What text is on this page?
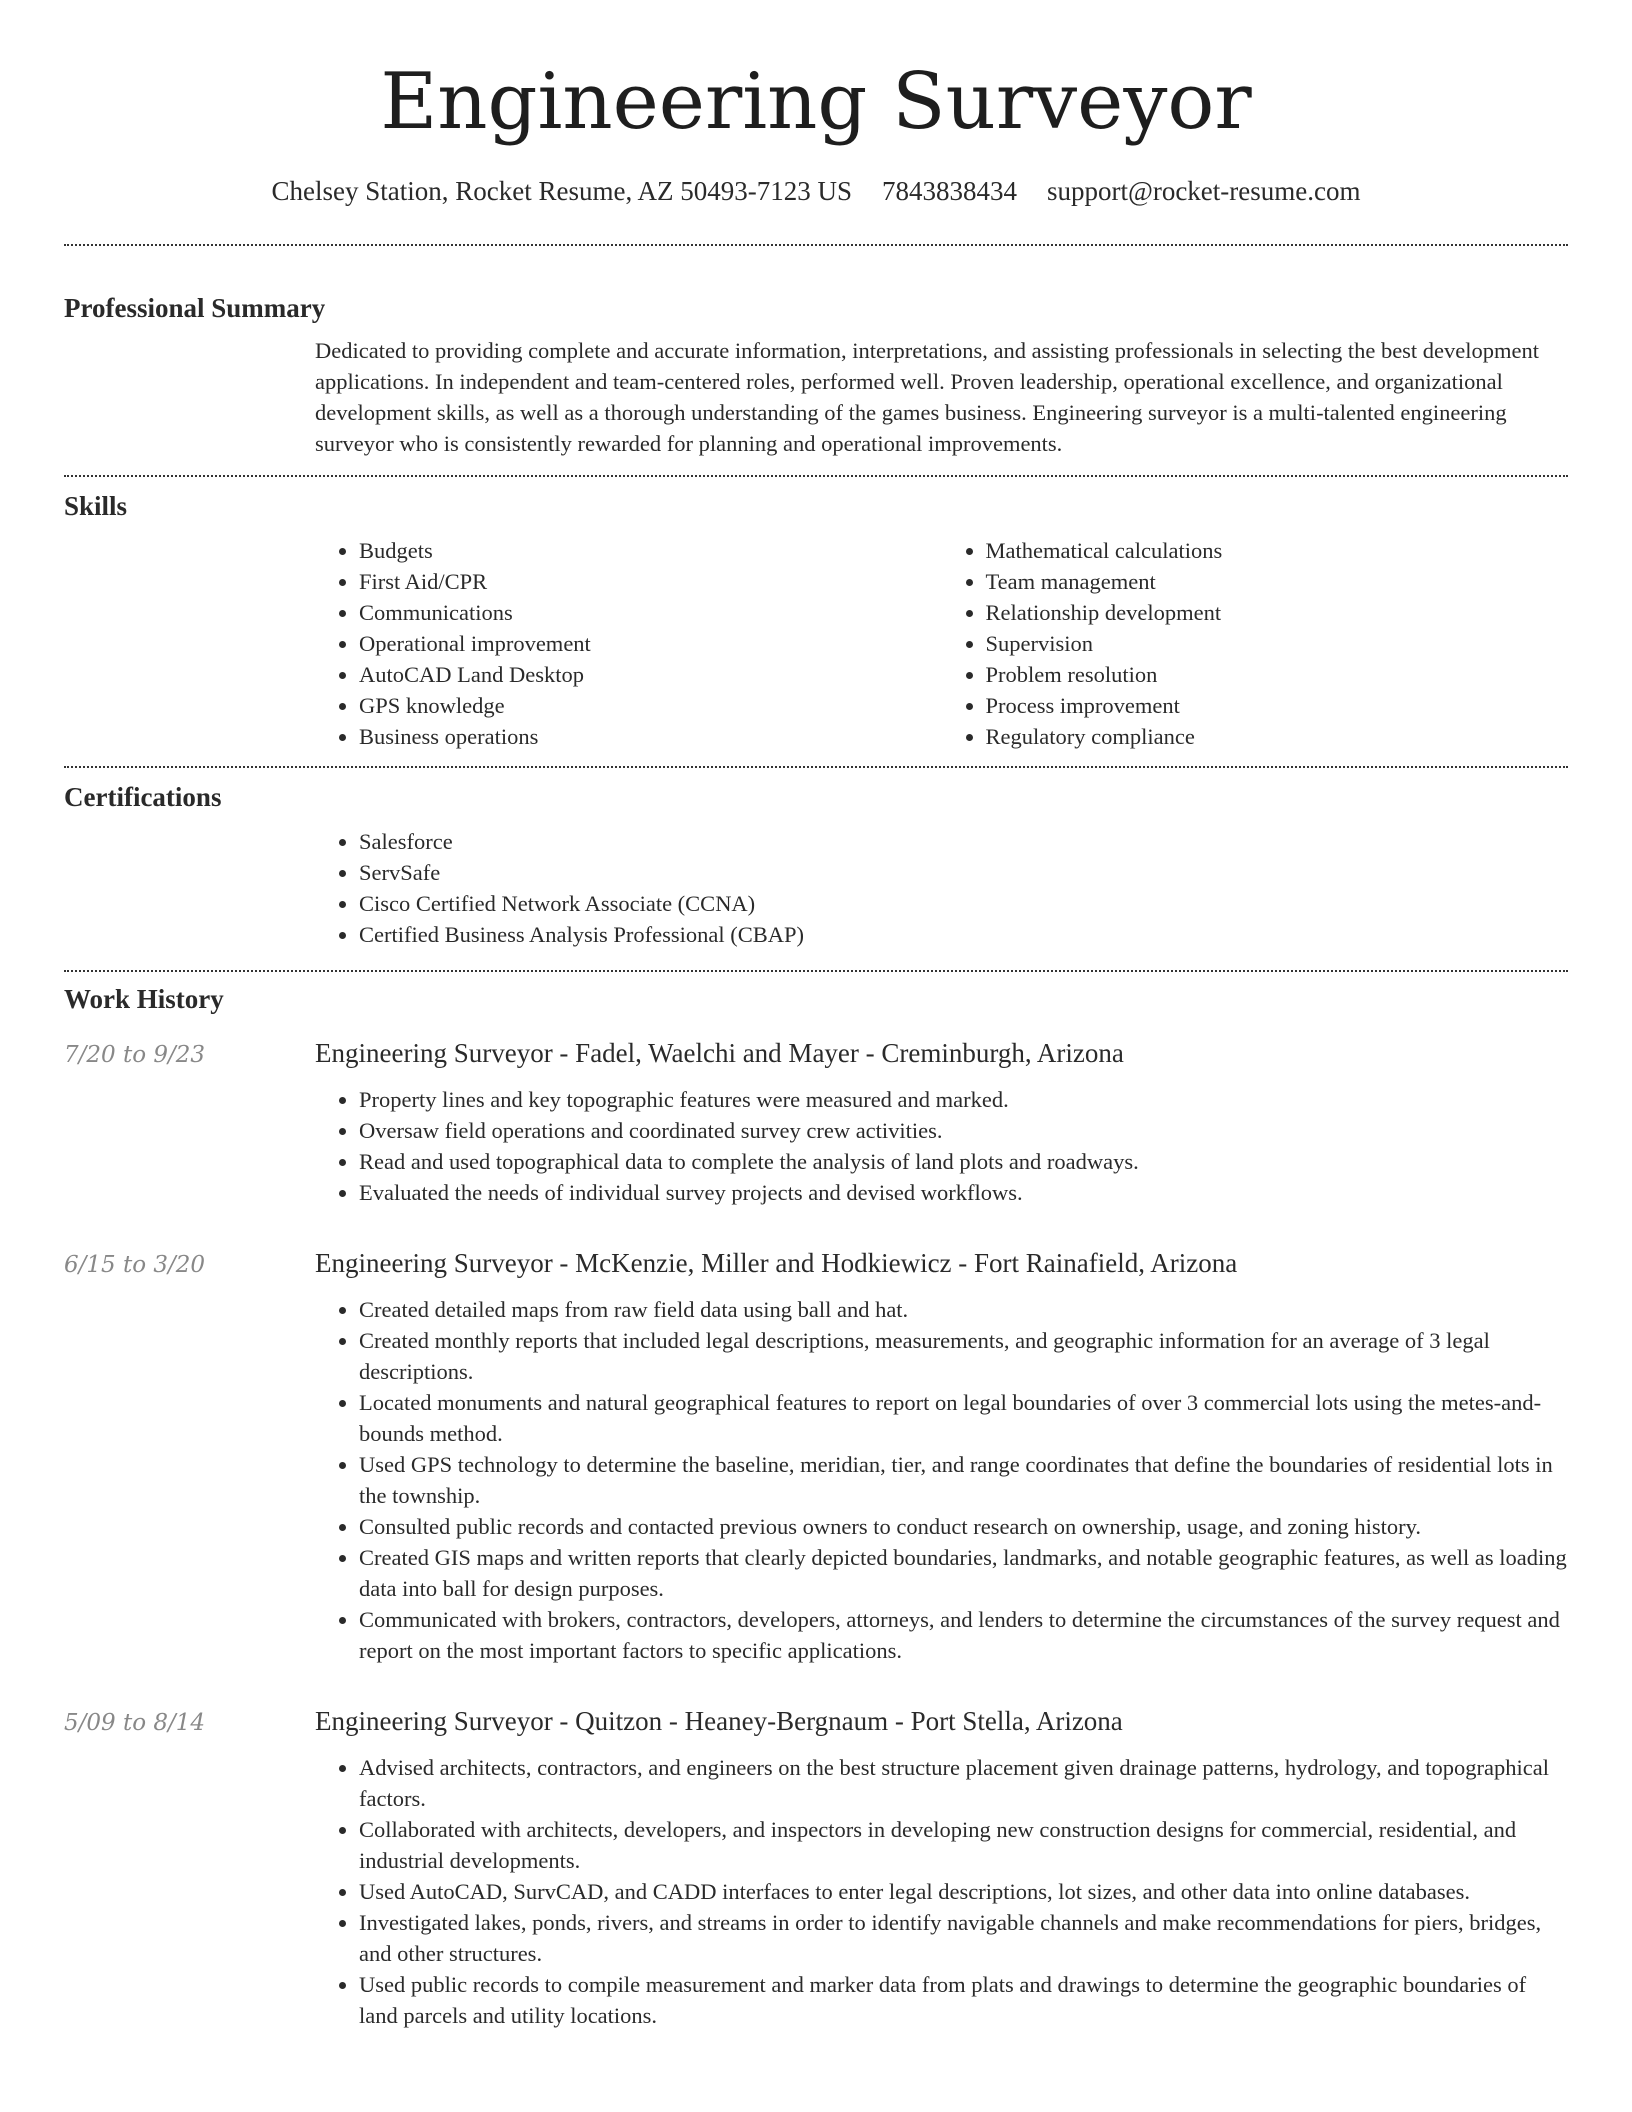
Engineering Surveyor
Chelsey Station, Rocket Resume, AZ 50493-7123 US 7843838434 support@rocket-resume.com
Professional Summary

Dedicated to providing complete and accurate information, interpretations, and assisting professionals in selecting the best development applications. In independent and team-centered roles, performed well. Proven leadership, operational excellence, and organizational development skills, as well as a thorough understanding of the games business. Engineering surveyor is a multi-talented engineering surveyor who is consistently rewarded for planning and operational improvements.

Skills
• Budgets
• First Aid/CPR
• Communications
• Operational improvement
• AutoCAD Land Desktop
• GPS knowledge
• Business operations
• Mathematical calculations
• Team management
• Relationship development
• Supervision
• Problem resolution
• Process improvement
• Regulatory compliance
Certifications
• Salesforce
• ServSafe
• Cisco Certified Network Associate (CCNA)
• Certified Business Analysis Professional (CBAP)
Work History
7/20 to 9/23	Engineering Surveyor - Fadel, Waelchi and Mayer - Creminburgh, Arizona
• Property lines and key topographic features were measured and marked.
• Oversaw field operations and coordinated survey crew activities.
• Read and used topographical data to complete the analysis of land plots and roadways.
• Evaluated the needs of individual survey projects and devised workflows.
6/15 to 3/20	Engineering Surveyor - McKenzie, Miller and Hodkiewicz - Fort Rainafield, Arizona
• Created detailed maps from raw field data using ball and hat.
• Created monthly reports that included legal descriptions, measurements, and geographic information for an average of 3 legal descriptions.
• Located monuments and natural geographical features to report on legal boundaries of over 3 commercial lots using the metes-and-bounds method.
• Used GPS technology to determine the baseline, meridian, tier, and range coordinates that define the boundaries of residential lots in the township.
• Consulted public records and contacted previous owners to conduct research on ownership, usage, and zoning history.
• Created GIS maps and written reports that clearly depicted boundaries, landmarks, and notable geographic features, as well as loading data into ball for design purposes.
• Communicated with brokers, contractors, developers, attorneys, and lenders to determine the circumstances of the survey request and report on the most important factors to specific applications.
5/09 to 8/14	Engineering Surveyor - Quitzon - Heaney-Bergnaum - Port Stella, Arizona
• Advised architects, contractors, and engineers on the best structure placement given drainage patterns, hydrology, and topographical factors.
• Collaborated with architects, developers, and inspectors in developing new construction designs for commercial, residential, and industrial developments.
• Used AutoCAD, SurvCAD, and CADD interfaces to enter legal descriptions, lot sizes, and other data into online databases.
• Investigated lakes, ponds, rivers, and streams in order to identify navigable channels and make recommendations for piers, bridges, and other structures.
• Used public records to compile measurement and marker data from plats and drawings to determine the geographic boundaries of land parcels and utility locations.
